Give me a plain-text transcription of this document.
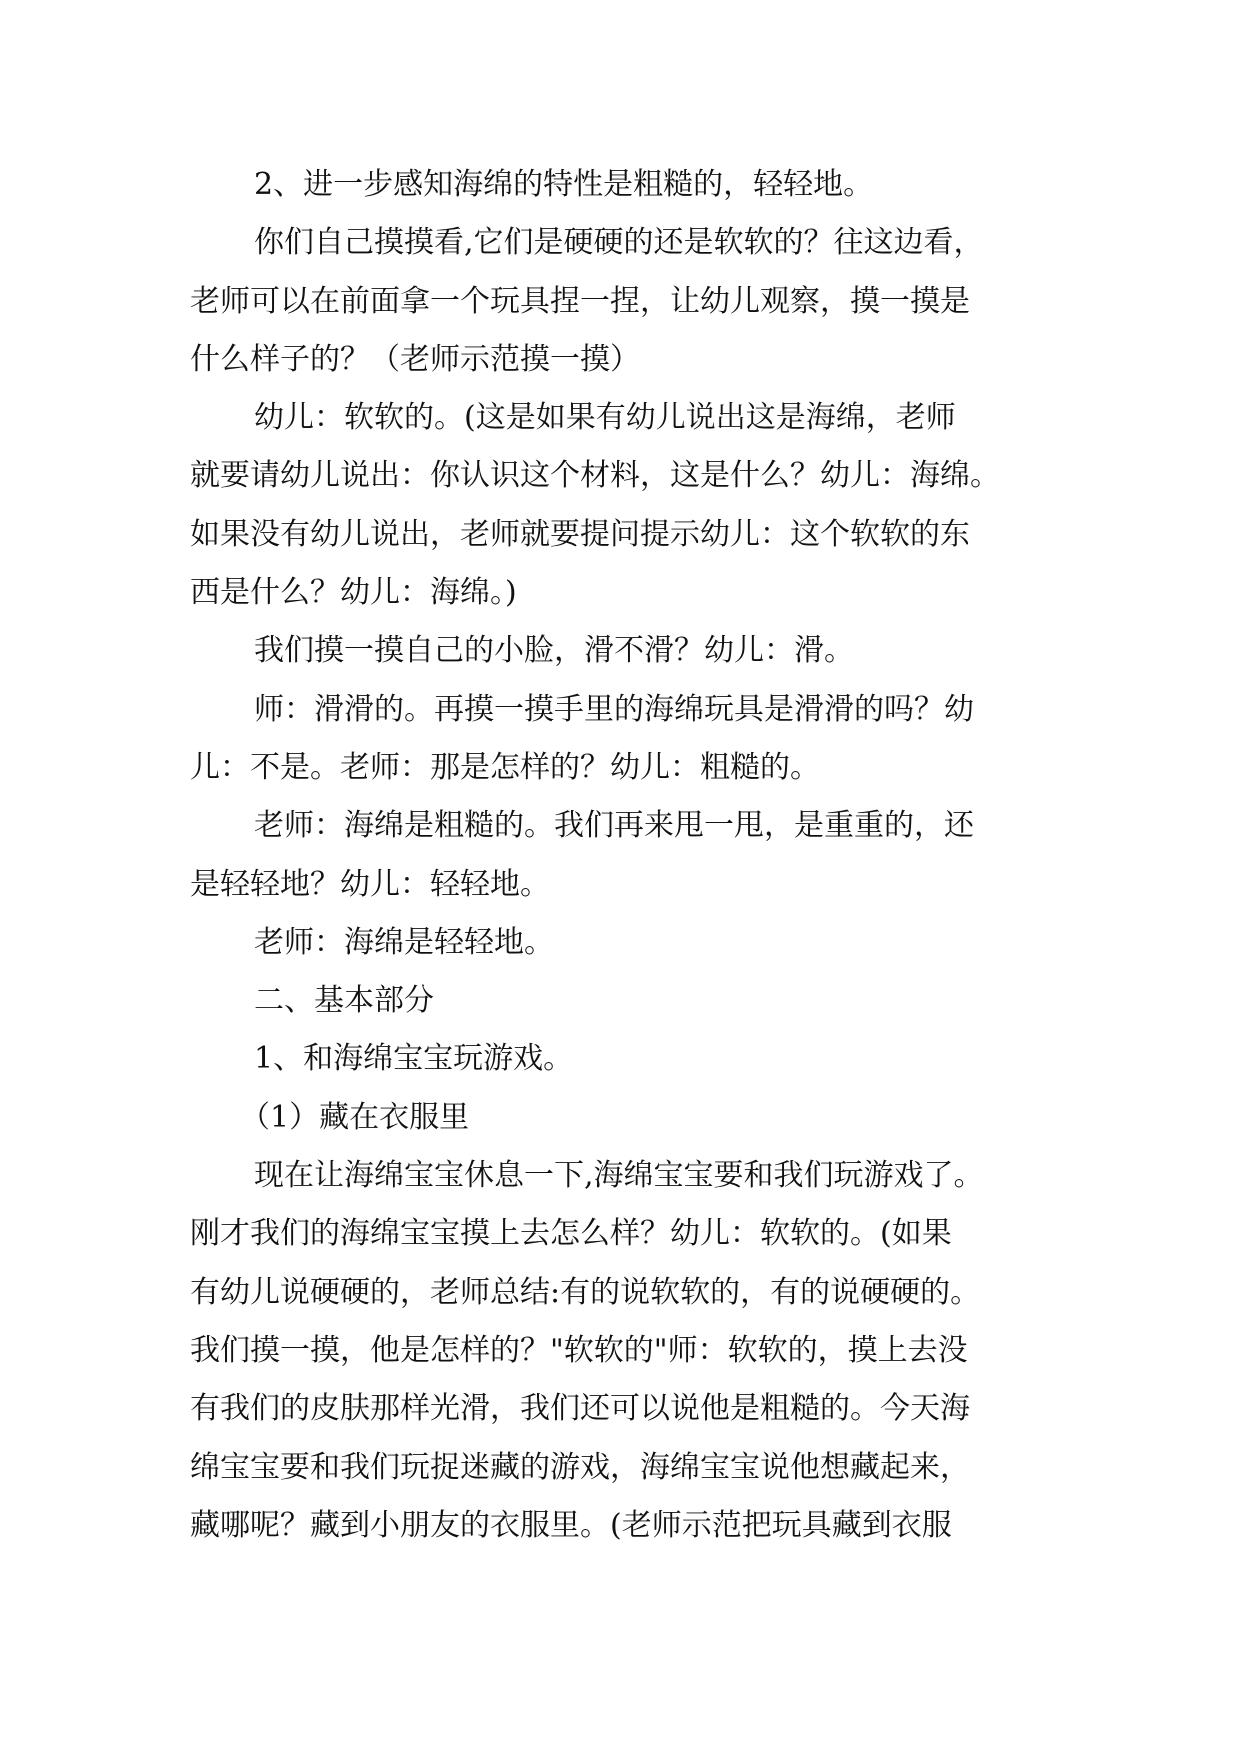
2、进一步感知海绵的特性是粗糙的，轻轻地。
你们自己摸摸看,它们是硬硬的还是软软的？往这边看，
老师可以在前面拿一个玩具捏一捏，让幼儿观察，摸一摸是
什么样子的？（老师示范摸一摸）
幼儿：软软的。(这是如果有幼儿说出这是海绵，老师
就要请幼儿说出：你认识这个材料，这是什么？幼儿：海绵。
如果没有幼儿说出，老师就要提问提示幼儿：这个软软的东
西是什么？幼儿：海绵。)
我们摸一摸自己的小脸，滑不滑？幼儿：滑。
师：滑滑的。再摸一摸手里的海绵玩具是滑滑的吗？幼
儿：不是。老师：那是怎样的？幼儿：粗糙的。
老师：海绵是粗糙的。我们再来甩一甩，是重重的，还
是轻轻地？幼儿：轻轻地。
老师：海绵是轻轻地。
二、基本部分
1、和海绵宝宝玩游戏。
（1）藏在衣服里
现在让海绵宝宝休息一下,海绵宝宝要和我们玩游戏了。
刚才我们的海绵宝宝摸上去怎么样？幼儿：软软的。(如果
有幼儿说硬硬的，老师总结:有的说软软的，有的说硬硬的。
我们摸一摸，他是怎样的？"软软的"师：软软的，摸上去没
有我们的皮肤那样光滑，我们还可以说他是粗糙的。今天海
绵宝宝要和我们玩捉迷藏的游戏，海绵宝宝说他想藏起来，
藏哪呢？藏到小朋友的衣服里。(老师示范把玩具藏到衣服
